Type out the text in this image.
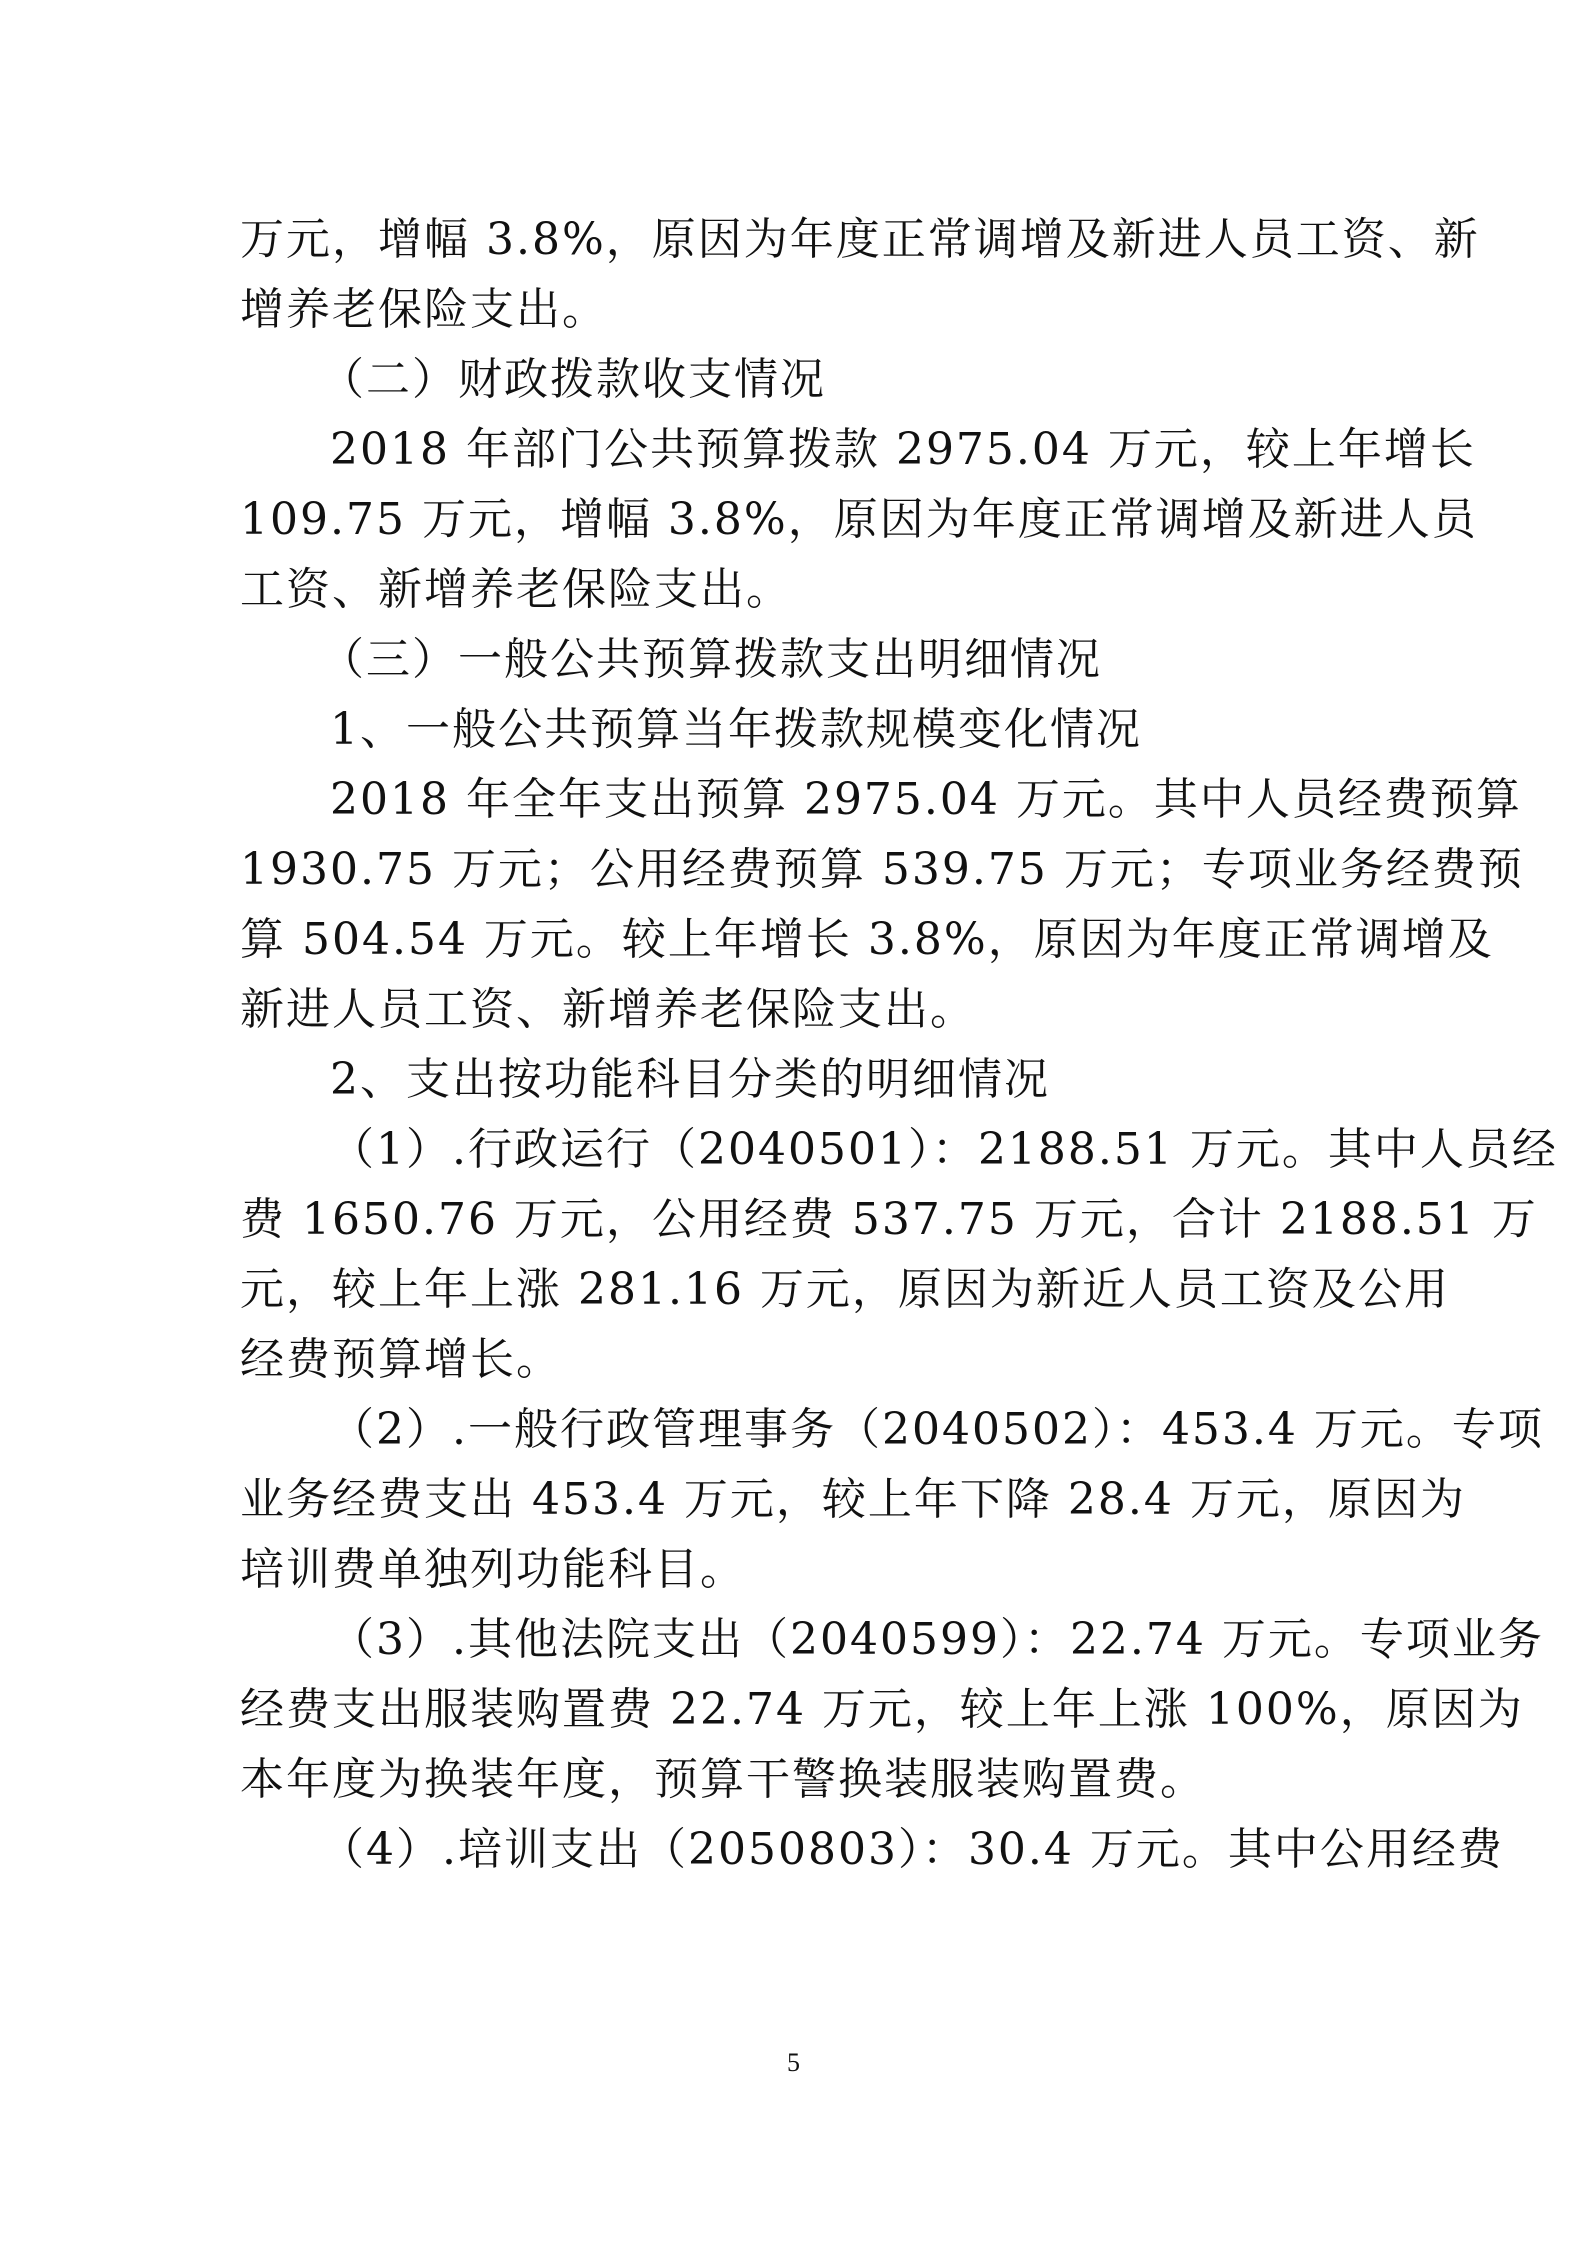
万元，增幅 3.8%，原因为年度正常调增及新进人员工资、新
增养老保险支出。
（二）财政拨款收支情况
2018 年部门公共预算拨款 2975.04 万元，较上年增长
109.75 万元，增幅 3.8%，原因为年度正常调增及新进人员
工资、新增养老保险支出。
（三）一般公共预算拨款支出明细情况
1、一般公共预算当年拨款规模变化情况
2018 年全年支出预算 2975.04 万元。其中人员经费预算
1930.75 万元；公用经费预算 539.75 万元；专项业务经费预
算 504.54 万元。较上年增长 3.8%，原因为年度正常调增及
新进人员工资、新增养老保险支出。
2、支出按功能科目分类的明细情况
（1）.行政运行（2040501）：2188.51 万元。其中人员经
费 1650.76 万元，公用经费 537.75 万元，合计 2188.51 万
元，较上年上涨 281.16 万元，原因为新近人员工资及公用
经费预算增长。
（2）.一般行政管理事务（2040502）：453.4 万元。专项
业务经费支出 453.4 万元，较上年下降 28.4 万元，原因为
培训费单独列功能科目。
（3）.其他法院支出（2040599）：22.74 万元。专项业务
经费支出服装购置费 22.74 万元，较上年上涨 100%，原因为
本年度为换装年度，预算干警换装服装购置费。
（4）.培训支出（2050803）：30.4 万元。其中公用经费
5
